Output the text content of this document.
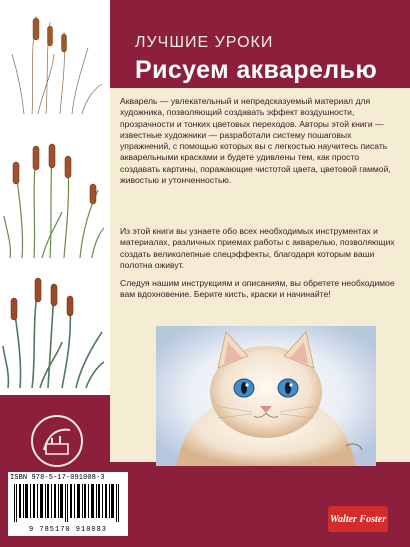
ЛУЧШИЕ УРОКИ
Рисуем акварелью

Акварель — увлекательный и непредсказуемый материал для художника, позволяющий создавать эффект воздушности, прозрачности и тонких цветовых переходов. Авторы этой книги — известные художники — разработали систему пошаговых упражнений, с помощью которых вы с легкостью научитесь писать акварельными красками и будете удивлены тем, как просто создавать картины, поражающие чистотой цвета, цветовой гаммой, живостью и утонченностью.

Из этой книги вы узнаете обо всех необходимых инструментах и материалах, различных приемах работы с акварелью, позволяющих создать великолепные спецэффекты, благодаря которым ваши полотна оживут.

Следуя нашим инструкциям и описаниям, вы обретете необходимое вам вдохновение. Берите кисть, краски и начинайте!

ISBN 978-5-17-091008-3
9 785170 910083
Walter Foster
